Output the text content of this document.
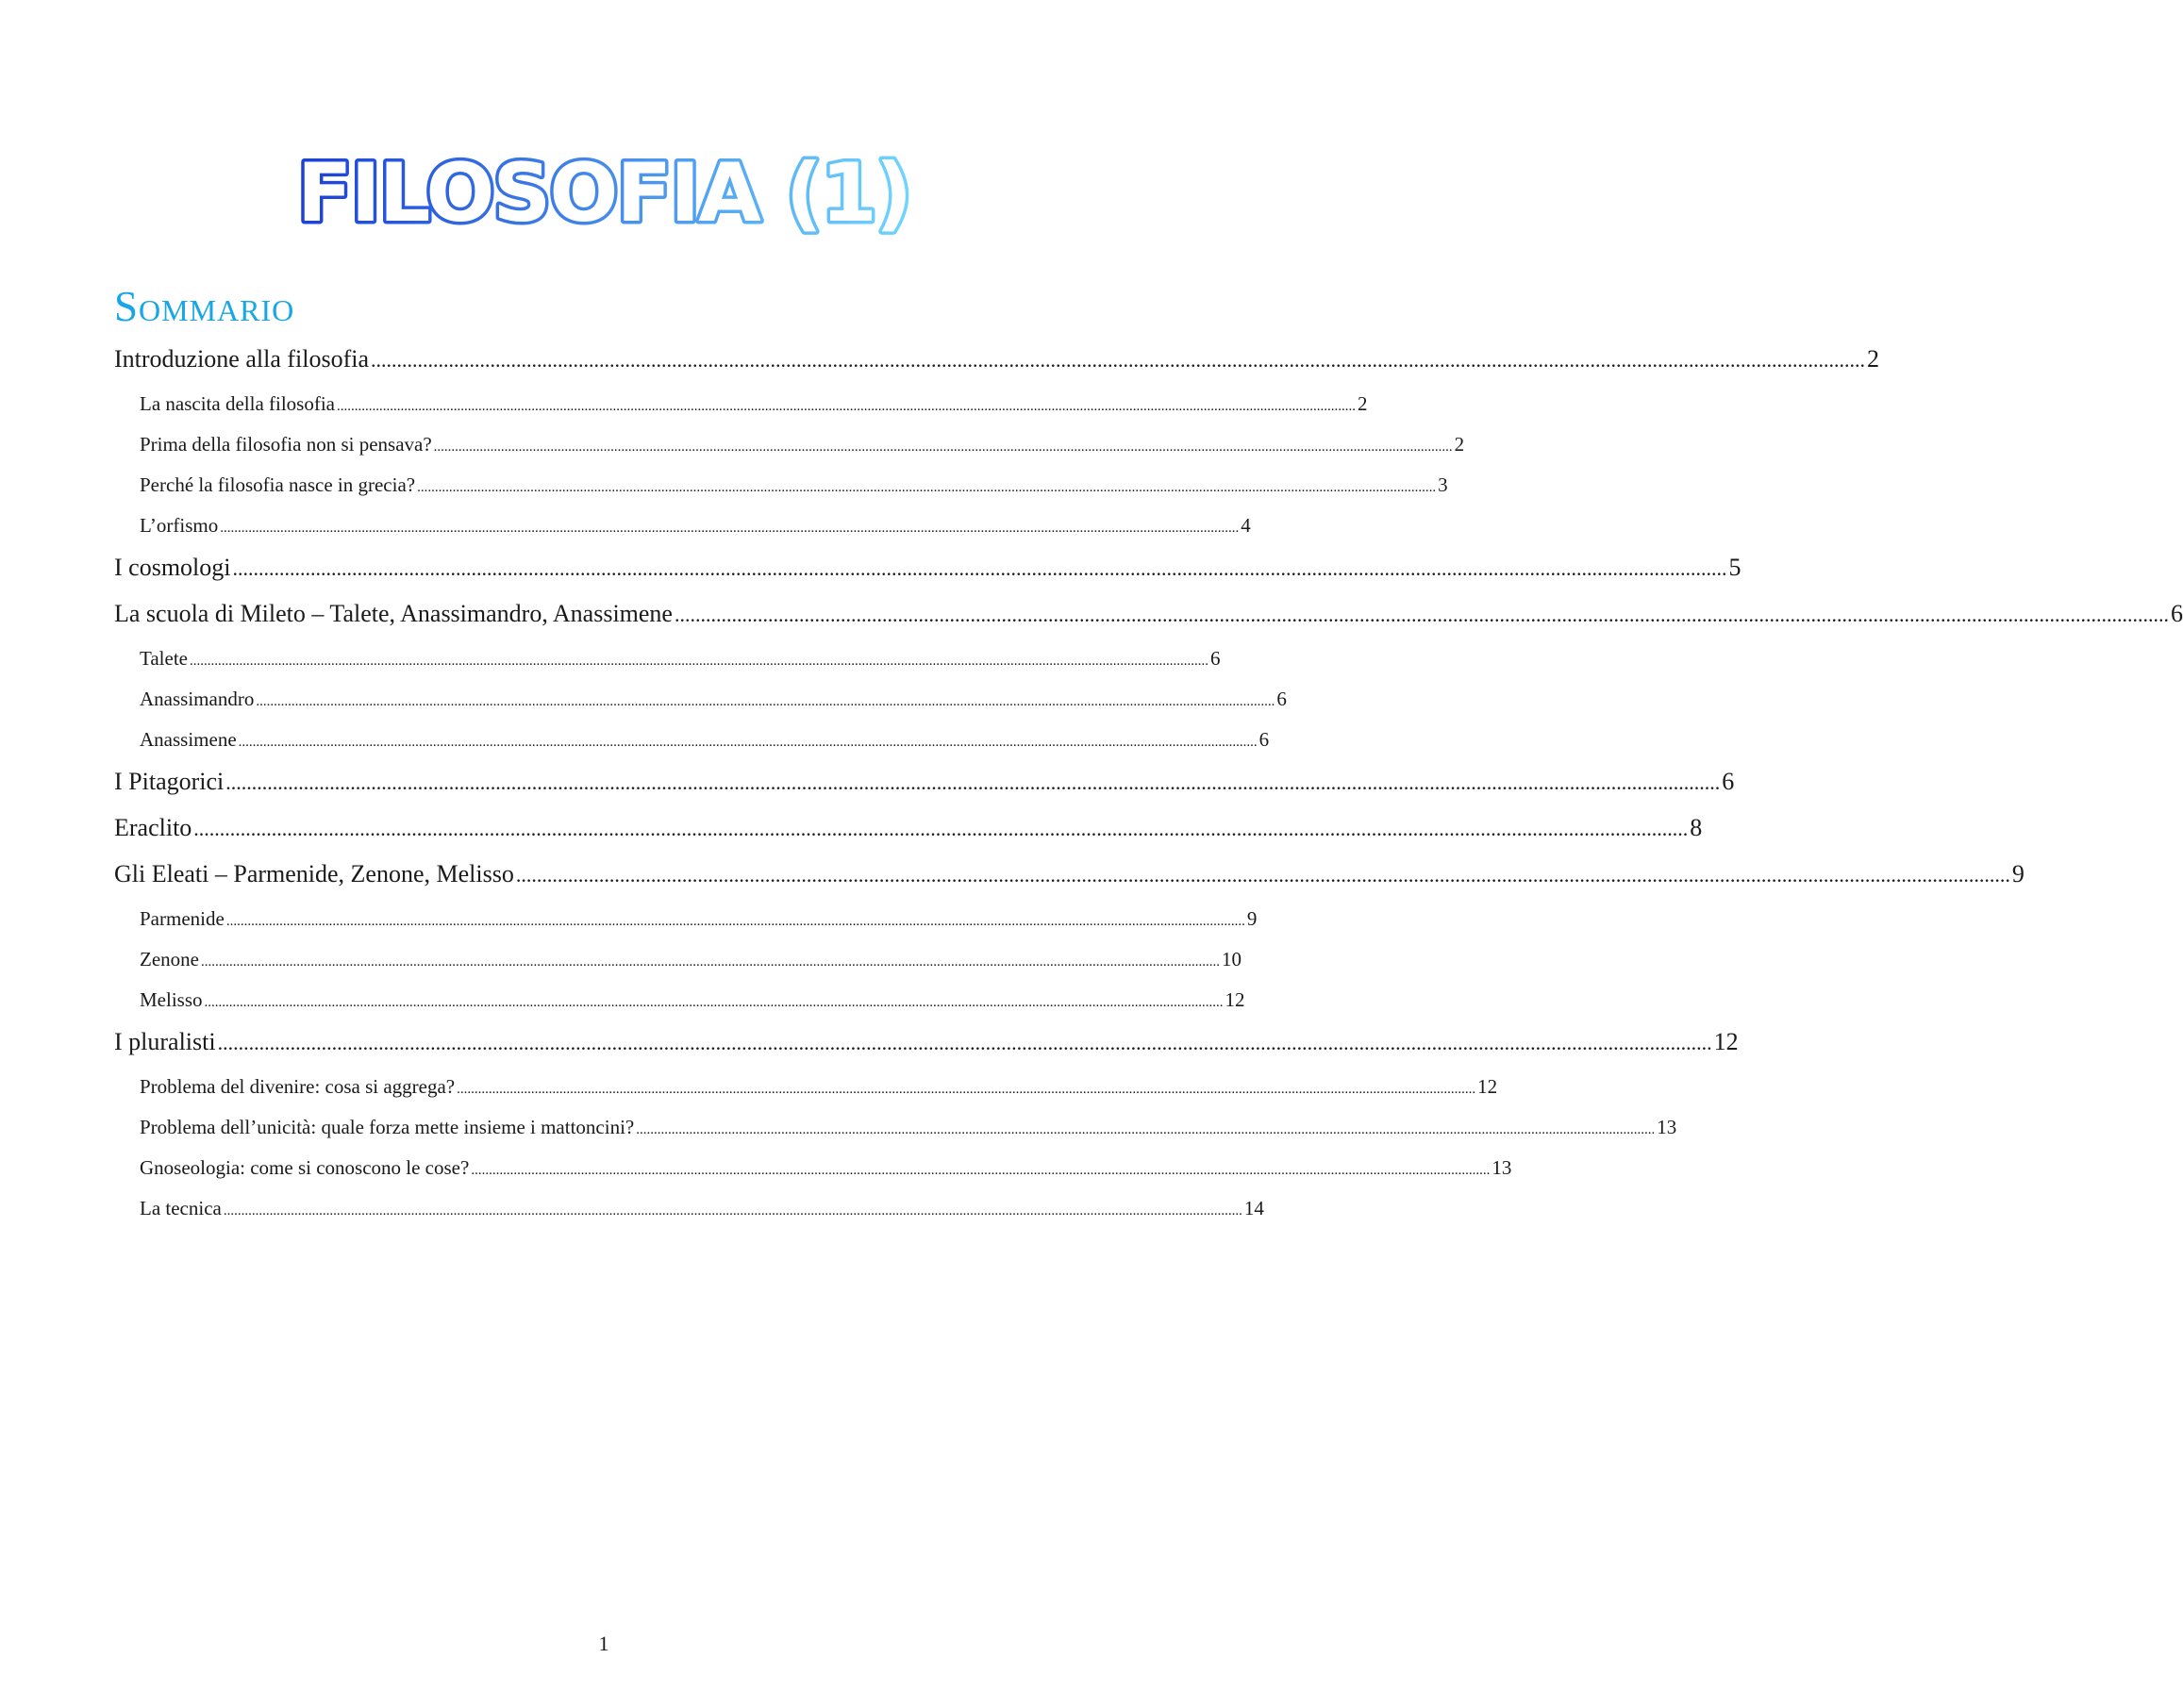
FILOSOFIA (1)
Sommario
Introduzione alla filosofia .....	2
La nascita della filosofia .....	2
Prima della filosofia non si pensava? .....	2
Perché la filosofia nasce in grecia? .....	3
L’orfismo .....	4
I cosmologi .....	5
La scuola di Mileto – Talete, Anassimandro, Anassimene .....	6
Talete .....	6
Anassimandro .....	6
Anassimene .....	6
I Pitagorici .....	6
Eraclito .....	8
Gli Eleati – Parmenide, Zenone, Melisso .....	9
Parmenide .....	9
Zenone .....	10
Melisso .....	12
I pluralisti .....	12
Problema del divenire: cosa si aggrega? .....	12
Problema dell’unicità: quale forza mette insieme i mattoncini? .....	13
Gnoseologia: come si conoscono le cose? .....	13
La tecnica .....	14
1
